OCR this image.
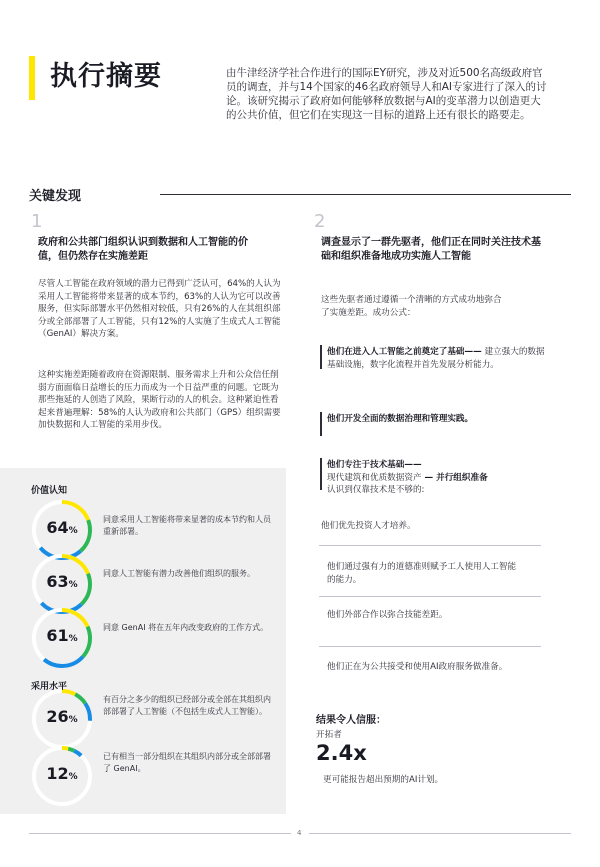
执行摘要	由牛津经济学社合作进行的国际EY研究，涉及对近500名高级政府官员的调查，并与14个国家的46名政府领导人和AI专家进行了深入的讨论。该研究揭示了政府如何能够释放数据与AI的变革潜力以创造更大的公共价值，但它们在实现这一目标的道路上还有很长的路要走。
关键发现
1
政府和公共部门组织认识到数据和人工智能的价值，但仍然存在实施差距
尽管人工智能在政府领域的潜力已得到广泛认可，64%的人认为采用人工智能将带来显著的成本节约，63%的人认为它可以改善服务，但实际部署水平仍然相对较低，只有26%的人在其组织部分或全部部署了人工智能，只有12%的人实施了生成式人工智能（GenAI）解决方案。
这种实施差距随着政府在资源限制、服务需求上升和公众信任削弱方面面临日益增长的压力而成为一个日益严重的问题。它既为那些拖延的人创造了风险，果断行动的人的机会。这种紧迫性看起来普遍理解：58%的人认为政府和公共部门（GPS）组织需要加快数据和人工智能的采用步伐。
价值认知
64%
同意采用人工智能将带来显著的成本节约和人员重新部署。
63%
同意人工智能有潜力改善他们组织的服务。
61%
同意 GenAI 将在五年内改变政府的工作方式。
26%
有百分之多少的组织已经部分或全部在其组织内部部署了人工智能（不包括生成式人工智能）。
12%
已有相当一部分组织在其组织内部分或全部部署了 GenAI。
采用水平
2
调查显示了一群先驱者，他们正在同时关注技术基础和组织准备地成功实施人工智能
这些先驱者通过遵循一个清晰的方式成功地弥合了实施差距。成功公式：
他们在进入人工智能之前奠定了基础—— 建立强大的数据基础设施，数字化流程并首先发展分析能力。
他们开发全面的数据治理和管理实践。
他们专注于技术基础——
现代建筑和优质数据资产 — 并行组织准备
认识到仅靠技术是不够的:
他们优先投资人才培养。
他们通过强有力的道德准则赋予工人使用人工智能的能力。
他们外部合作以弥合技能差距。
他们正在为公共接受和使用AI政府服务做准备。
结果令人信服：
开拓者
2.4x
更可能报告超出预期的AI计划。
4
